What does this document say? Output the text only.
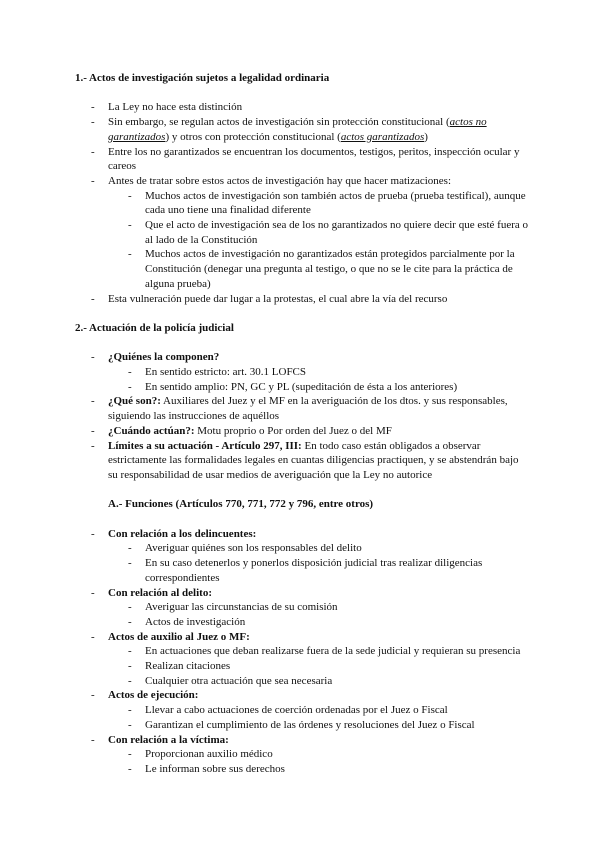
1.- Actos de investigación sujetos a legalidad ordinaria
- La Ley no hace esta distinción
- Sin embargo, se regulan actos de investigación sin protección constitucional (actos no garantizados) y otros con protección constitucional (actos garantizados)
- Entre los no garantizados se encuentran los documentos, testigos, peritos, inspección ocular y careos
- Antes de tratar sobre estos actos de investigación hay que hacer matizaciones:
- Muchos actos de investigación son también actos de prueba (prueba testifical), aunque cada uno tiene una finalidad diferente
- Que el acto de investigación sea de los no garantizados no quiere decir que esté fuera o al lado de la Constitución
- Muchos actos de investigación no garantizados están protegidos parcialmente por la Constitución (denegar una pregunta al testigo, o que no se le cite para la práctica de alguna prueba)
- Esta vulneración puede dar lugar a la protestas, el cual abre la vía del recurso
2.- Actuación de la policía judicial
- ¿Quiénes la componen?
- En sentido estricto: art. 30.1 LOFCS
- En sentido amplio: PN, GC y PL (supeditación de ésta a los anteriores)
- ¿Qué son?: Auxiliares del Juez y el MF en la averiguación de los dtos. y sus responsables, siguiendo las instrucciones de aquéllos
- ¿Cuándo actúan?: Motu proprio o Por orden del Juez o del MF
- Límites a su actuación - Artículo 297, III: En todo caso están obligados a observar estrictamente las formalidades legales en cuantas diligencias practiquen, y se abstendrán bajo su responsabilidad de usar medios de averiguación que la Ley no autorice
A.- Funciones (Artículos 770, 771, 772 y 796, entre otros)
- Con relación a los delincuentes:
- Averiguar quiénes son los responsables del delito
- En su caso detenerlos y ponerlos disposición judicial tras realizar diligencias correspondientes
- Con relación al delito:
- Averiguar las circunstancias de su comisión
- Actos de investigación
- Actos de auxilio al Juez o MF:
- En actuaciones que deban realizarse fuera de la sede judicial y requieran su presencia
- Realizan citaciones
- Cualquier otra actuación que sea necesaria
- Actos de ejecución:
- Llevar a cabo actuaciones de coerción ordenadas por el Juez o Fiscal
- Garantizan el cumplimiento de las órdenes y resoluciones del Juez o Fiscal
- Con relación a la víctima:
- Proporcionan auxilio médico
- Le informan sobre sus derechos
